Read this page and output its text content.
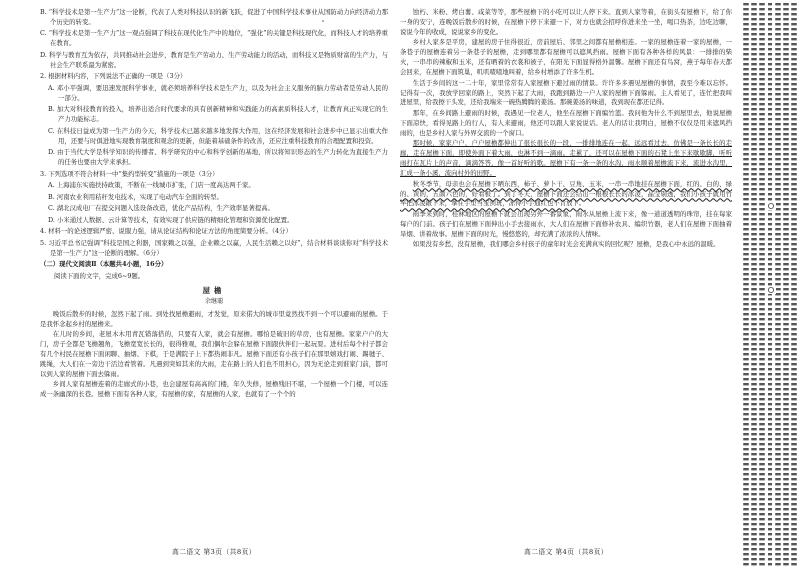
B. “科学技术是第一生产力”这一论断，代表了人类对科技认识的新飞跃，促进了中国科学技术事业从国防动力向经济动力那个历史的转变。

C. “科学技术是第一生产力”这一观点强调了科技在现代化生产中的地位，“强化”的关键是科技现代化，而科技人才的培养重在教育。

D. 科学与教育互为依存，共同推动社会进步，教育是生产劳动力、生产劳动能力的活动，而科技又是物质财富的生产力，与社会生产联系最为紧密。

2. 根据材料内容，下列说法不正确的一项是（3分）

A. 邓小平强调，要迅速发展科学事业，就必须培养科学技术是生产力，以及为社会主义服务的脑力劳动者是劳动人民的一部分。

B. 加大对科技教育的投入，培养出适合时代要求的具有创新精神和实践能力的高素质科技人才，让教育真正实现它的生产力功能标志。

C. 在科技日益成为第一生产力的今天，科学技术已越来越多地发挥大作用，这在经济发展和社会进步中已显示出重大作用，还要与时俱进地实现教育制度和观念的更新，但能着基础条件的改善，还应注重科技教育的合理配置和投资。

D. 由于当代大学是科学知识的传播者、科学研究的中心和科学创新的基地，所以将知识形态的生产力转化为直接生产力的任务也要由大学来承担。

3. 下列选项不符合材料一中“集约型转变”措施的一项是（3分）

A. 上海浦东实施扶持政策，不断在一线城市扩张，门店一度高达两千家。

B. 河南农业利用秸秆发电技术，实现了电动汽车全面的转型。

C. 湖北汉成电厂在提交问题入选设备改造，优化产品结构，生产效率显著提高。

D. 小米通过人数据、云计算等技术，有效实现了供应链的精细化管理和资源优化配置。

4. 材料一的论述逻辑严密、说服力强，请从论证结构和论证方法的角度简要分析。（4分）

5. 习近平总书记强调“科技是国之利器，国家赖之以强，企业赖之以赢，人民生活赖之以好”，结合材料谈谈你对“科学技术是第一生产力”这一论断的理解。（6分）

（二）现代文阅读Ⅱ（本题共4小题，16分）

阅读下面的文字，完成6~9题。

屋檐
余继聪

晚饭后散步的时候，忽然下起了雨。到处找屋檐避雨，才发觉，原来偌大的城市里竟然找不到一个可以避雨的屋檐。于是我怀念起乡村的屋檐来。

在儿时的乡间，老屋木木用青瓦错落搭的，只要有人家，就会有屋檐。哪怕是破旧的草房，也有屋檐。家家户户的大门，房子全都是飞檐翘角，飞檐宽宽长长的，很得雅观，我们偶尔会躲在屋檐下面跟伙伴们一起玩耍。进村后每个村子都会有几个村民在屋檐下面闲聊、抽烟、下棋，于是满院子上下都热闹非凡。屋檐下面还有小孩子们在那里嬉戏打闹、踢毽子、跳绳，大人们在一旁边干活边看管着。凡遇到突如其来的大雨，走在路上的人们也不用担心，因为无论走到谁家门前，都可以到人家的屋檐下面去躲雨。

乡间人家有屋檐连着的走廊式的小巷，也会建屋有高高的门楼，年久失修，屋檐残旧不堪，一个屋檐一个门楼，可以连成一条幽深的长巷。屋檐下面有各种人家，有屋檐的家，有屋檐的人家，也就有了一个个的

高二语文 第3页（共8页）

蚀朽、米粉、烤白薯、咸菜等等，那些屋檐下的小吃可以让人停下来。直到人家等着，在街头有屋檐下，给了你一身的安宁，连晚饭后散步的时候，在屋檐下停下来避一下，对方也就会招呼你进来坐一坐，喝口热茶，边吃边聊，说说今年的收成，说说家乡的变化。

乡村人家多是平房，建屋的房子住得很近，房前屋后、邻里之间都有屋檐相连。一家的屋檐连着一家的屋檐，一条巷子的屋檐连着另一条巷子的屋檐，走到哪里都有屋檐可以遮风挡雨。屋檐下面有各种各样的风景：一排排的柴火，一串串的辣椒和玉米，还有晒着的衣裳和被子，在阳光下面显得格外温馨。屋檐下面还有鸟窝，燕子每年春天都会回来，在屋檐下面筑巢，叽叽喳喳地叫着，给乡村增添了许多生机。

生活于乡间的这一二十年，家里常常有人家屋檐下避过雨的情景。许许多多遇见屋檐的事情，我至今难以忘怀。记得有一次，我放学回家的路上，突然下起了大雨，我跑到路边一户人家的屋檐下面躲雨。主人看见了，连忙把我叫进屋里，给我擦干头发，还给我端来一碗热腾腾的姜汤。那碗姜汤的味道，我到现在都还记得。

那年，在乡间路上避雨的时候，我遇见一位老人，他坐在屋檐下面编竹篮。我问他为什么不到屋里去，他说屋檐下面凉快，看得见路上的行人，有人来避雨，他还可以跟人家说说话。老人的话让我明白，屋檐不仅仅是用来遮风挡雨的，也是乡村人家与外界交流的一个窗口。

那时候，家家户户，户户屋檐都伸出了很长很长的一段，一排排地连在一起，远远看过去，仿佛是一条长长的走廊，走在屋檐下面，即使外面下着大雨，也淋不到一滴雨。走累了，还可以在屋檐下面的石凳上坐下来歇歇脚，听听雨打在瓦片上的声音，滴滴答答，像一首好听的歌。屋檐下有一条一条的水沟，雨水顺着屋檐流下来，流进水沟里，汇成一条小溪，流向村外的田野。

秋冬季节，母亲也会在屋檐下晒东西，柿子、萝卜干、豆角、玉米，一串一串地挂在屋檐下面，红的、白的、绿的、黄的，五颜六色的，好看极了。到了冬天，屋檐下面还会结出一根根长长的冰凌，晶莹剔透，我们小孩子就用竹竿把冰凌敲下来，拿在手里当宝剑玩，冻得小手通红也不肯放下。

雨季来到时，桂林地区的屋檐下就会出现另外一番景象，雨水从屋檐上流下来，像一道道透明的珠帘，挂在每家每户的门前。孩子们在屋檐下面伸出小手去接雨水，大人们在屋檐下面修补农具、编织竹器，老人们在屋檐下面抽着旱烟、讲着故事。屋檐下面的时光，慢悠悠的，却充满了浓浓的人情味。

如果没有乡愁，没有屋檐，我们哪会乡村孩子的童年时光会充满真实的回忆呢？屋檐，是我心中永远的温暖。

高二语文 第4页（共8页）
